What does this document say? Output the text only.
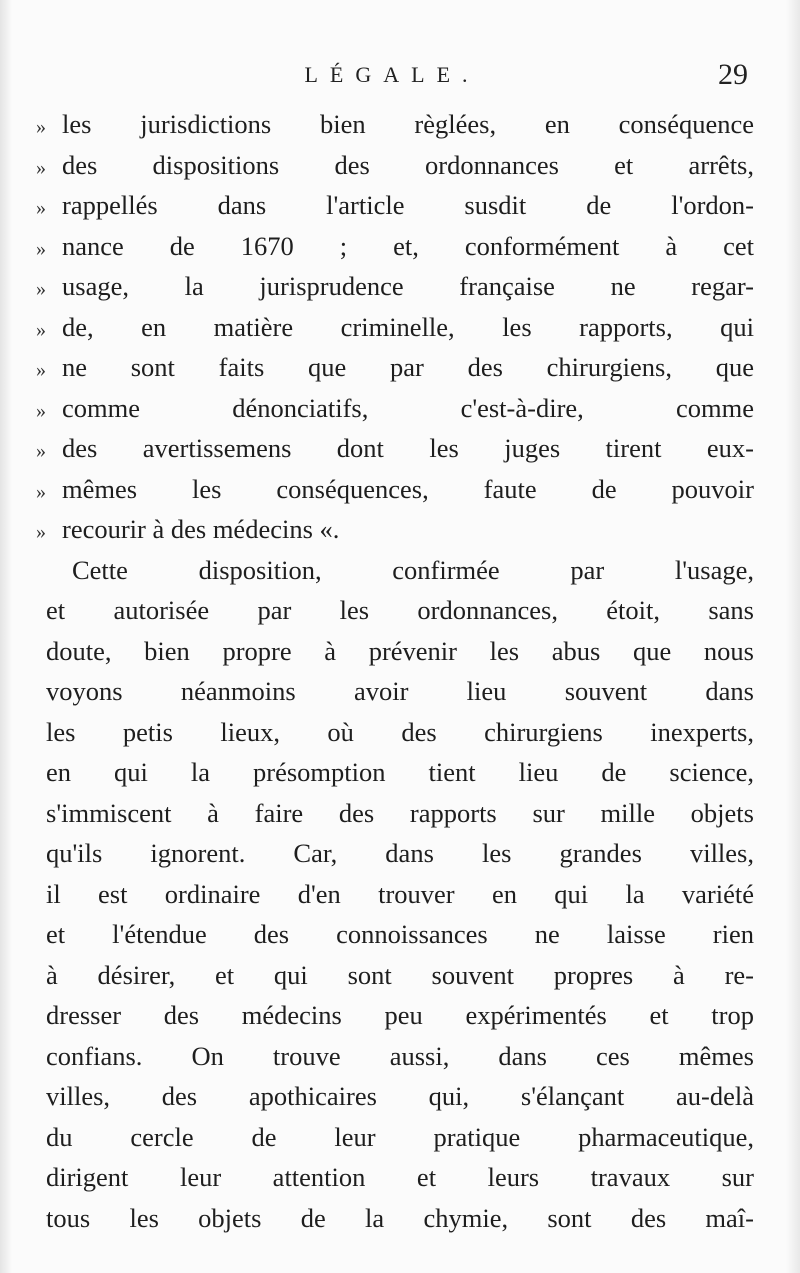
LÉGALE.	29
» les jurisdictions bien règlées, en conséquence
» des dispositions des ordonnances et arrêts,
» rappellés dans l'article susdit de l'ordon-
» nance de 1670 ; et, conformément à cet
» usage, la jurisprudence française ne regar-
» de, en matière criminelle, les rapports, qui
» ne sont faits que par des chirurgiens, que
» comme dénonciatifs, c'est-à-dire, comme
» des avertissemens dont les juges tirent eux-
» mêmes les conséquences, faute de pouvoir
» recourir à des médecins «.
Cette disposition, confirmée par l'usage,
et autorisée par les ordonnances, étoit, sans
doute, bien propre à prévenir les abus que nous
voyons néanmoins avoir lieu souvent dans
les petis lieux, où des chirurgiens inexperts,
en qui la présomption tient lieu de science,
s'immiscent à faire des rapports sur mille objets
qu'ils ignorent. Car, dans les grandes villes,
il est ordinaire d'en trouver en qui la variété
et l'étendue des connoissances ne laisse rien
à désirer, et qui sont souvent propres à re-
dresser des médecins peu expérimentés et trop
confians. On trouve aussi, dans ces mêmes
villes, des apothicaires qui, s'élançant au-delà
du cercle de leur pratique pharmaceutique,
dirigent leur attention et leurs travaux sur
tous les objets de la chymie, sont des maî-
